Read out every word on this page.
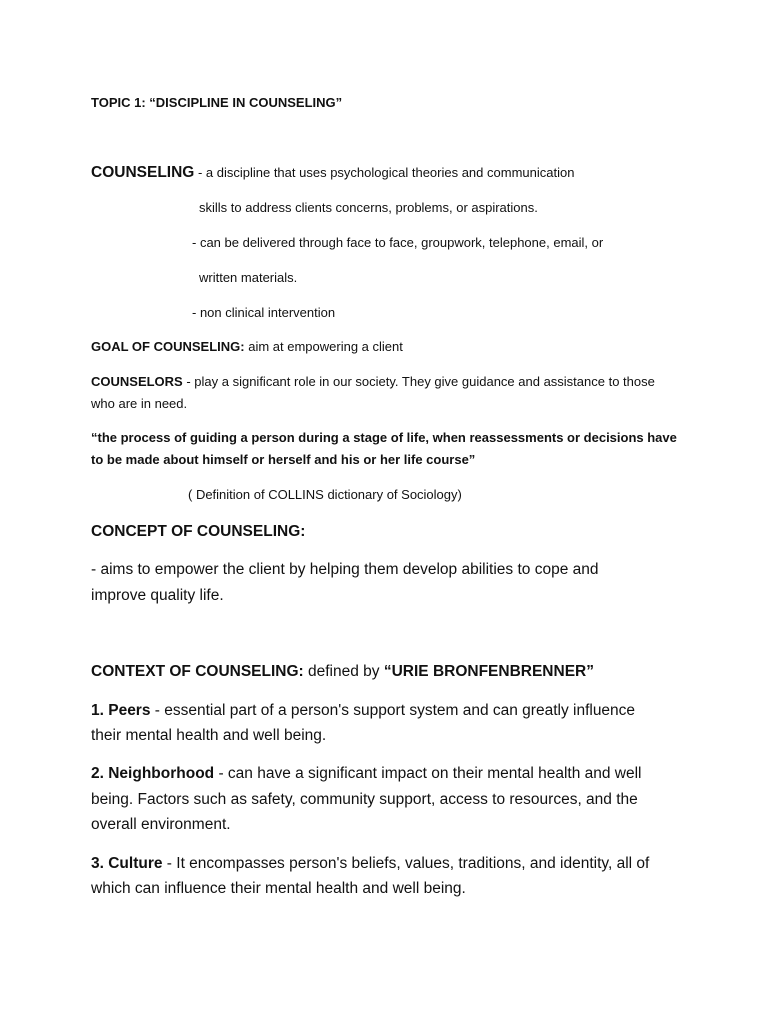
TOPIC 1: “DISCIPLINE IN COUNSELING”
COUNSELING - a discipline that uses psychological theories and communication
skills to address clients concerns, problems, or aspirations.
- can be delivered through face to face, groupwork, telephone, email, or
written materials.
- non clinical intervention
GOAL OF COUNSELING: aim at empowering a client
COUNSELORS - play a significant role in our society. They give guidance and assistance to those
who are in need.
“the process of guiding a person during a stage of life, when reassessments or decisions have
to be made about himself or herself and his or her life course”
( Definition of COLLINS dictionary of Sociology)
CONCEPT OF COUNSELING:
- aims to empower the client by helping them develop abilities to cope and
improve quality life.
CONTEXT OF COUNSELING: defined by “URIE BRONFENBRENNER”
1. Peers - essential part of a person's support system and can greatly influence
their mental health and well being.
2. Neighborhood - can have a significant impact on their mental health and well
being. Factors such as safety, community support, access to resources, and the
overall environment.
3. Culture - It encompasses person's beliefs, values, traditions, and identity, all of
which can influence their mental health and well being.
